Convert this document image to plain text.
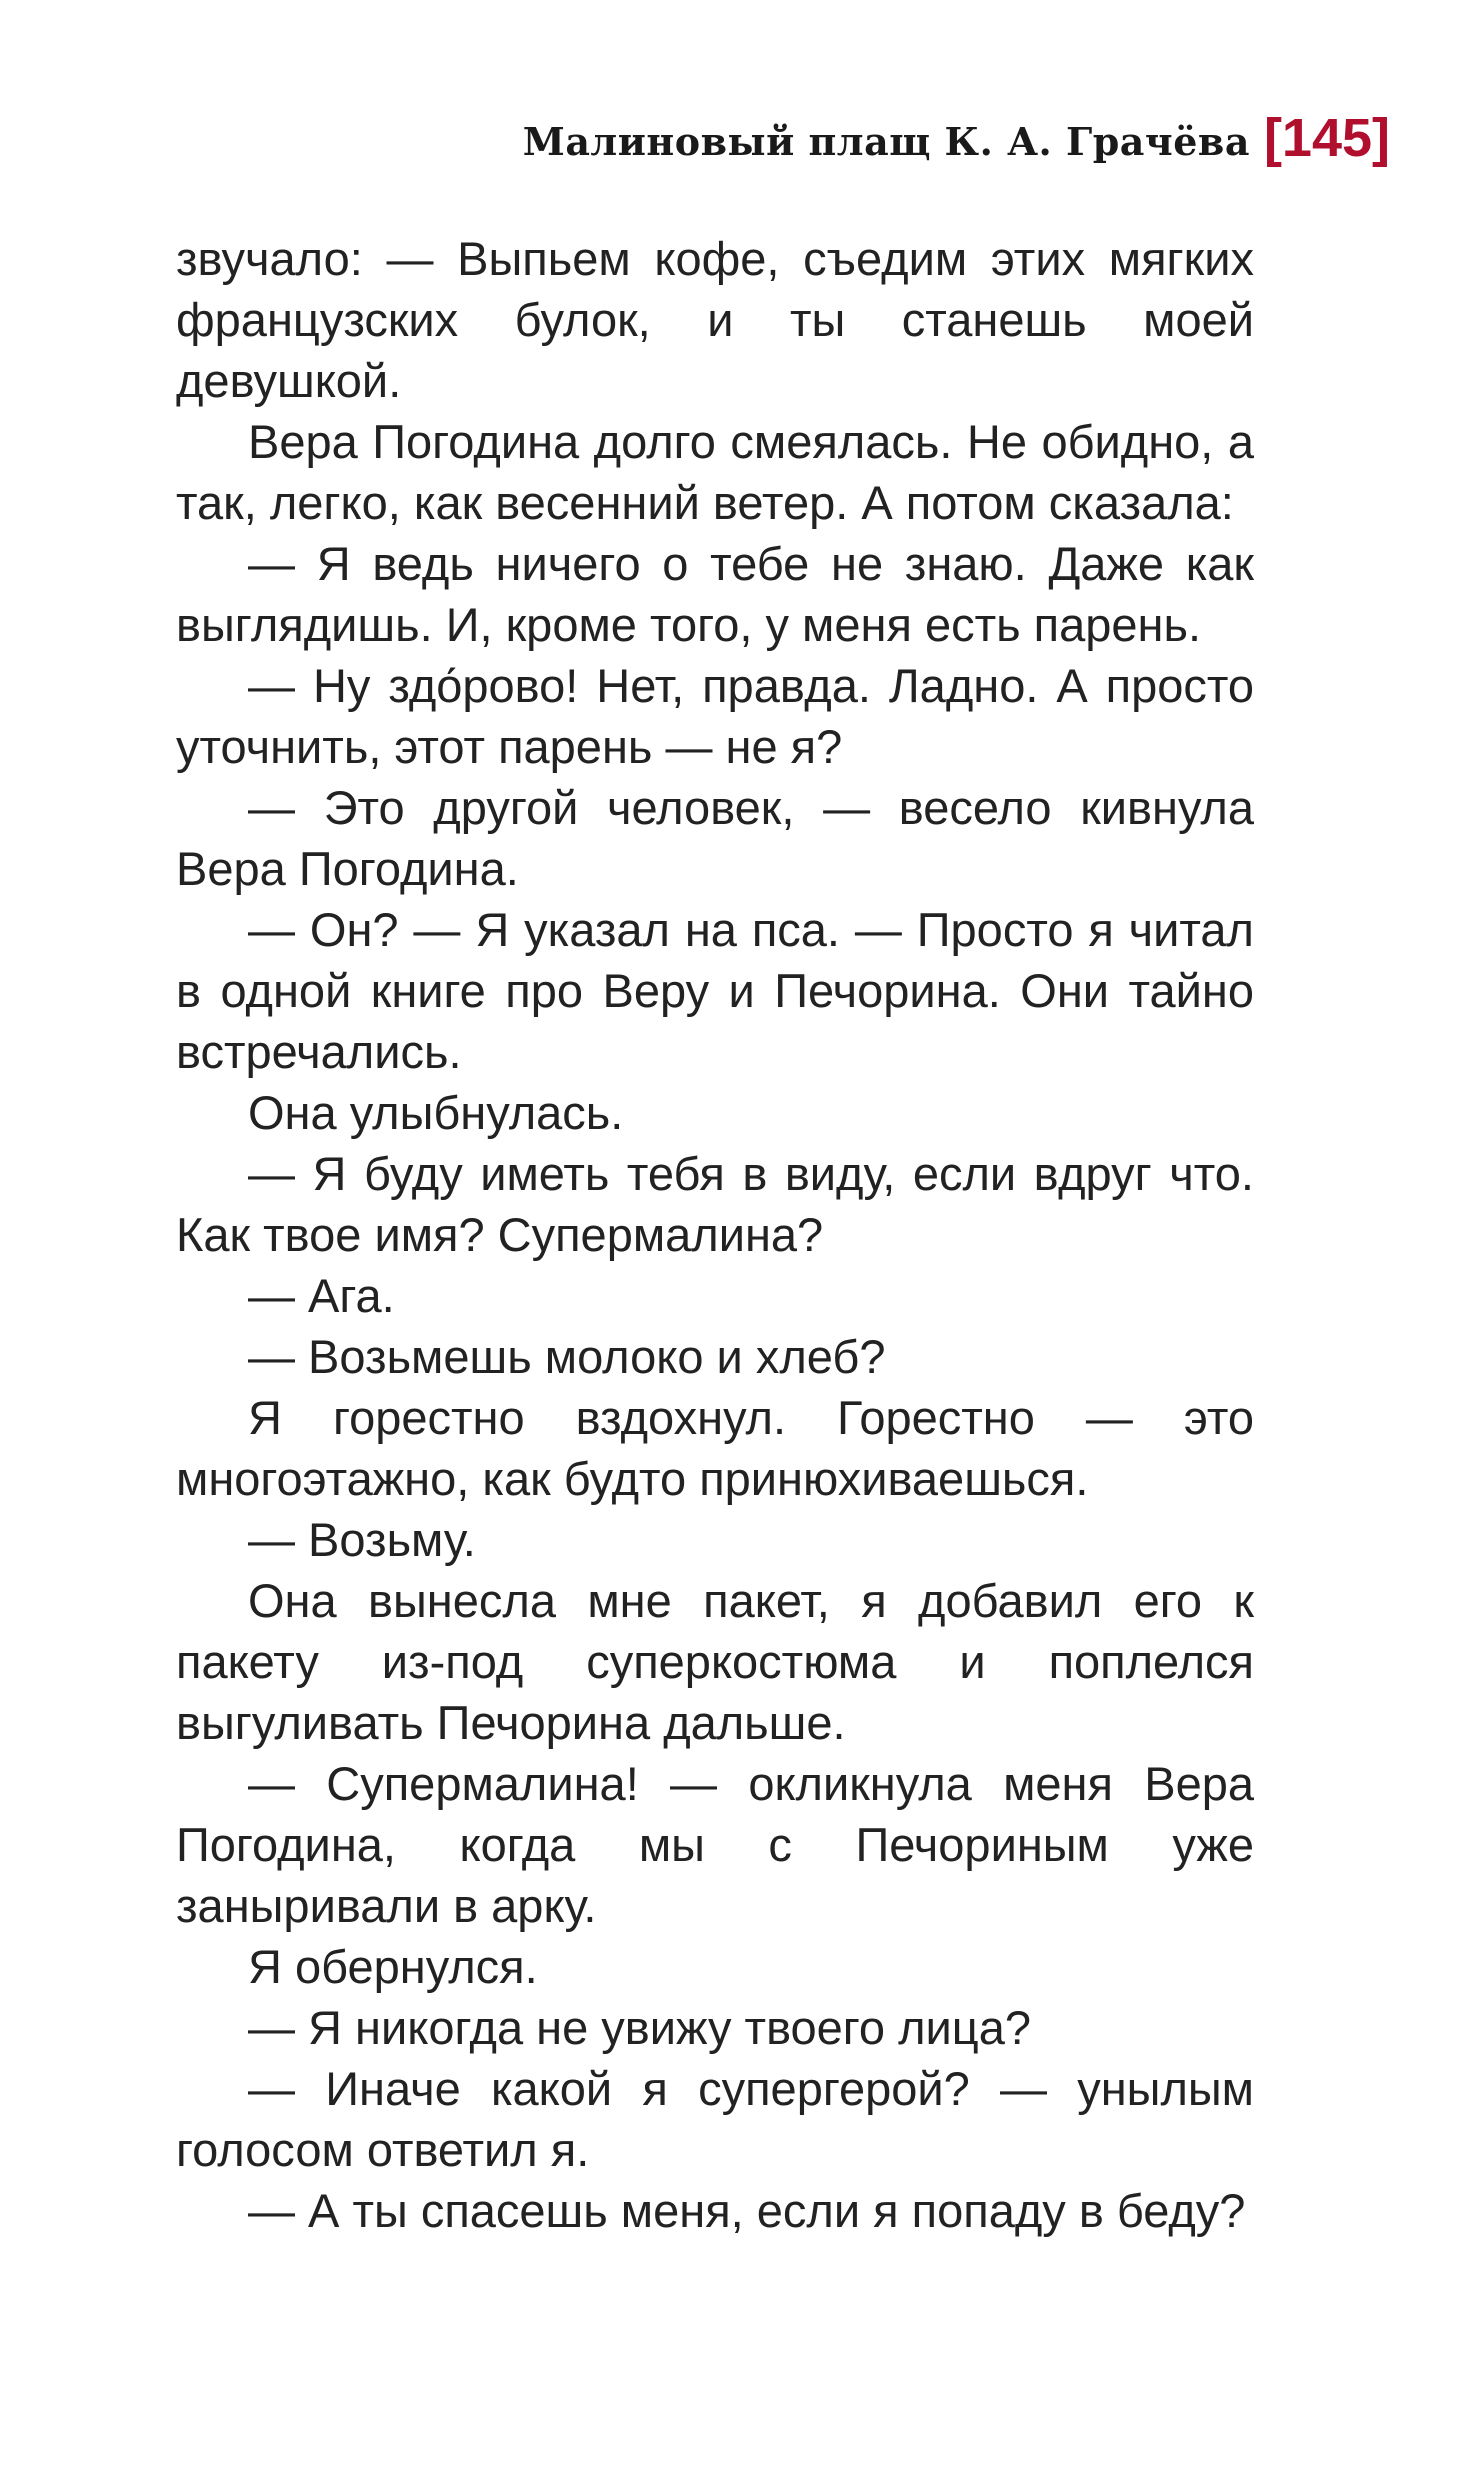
Малиновый плащ К. А. Грачёва [145]

звучало: — Выпьем кофе, съедим этих мягких французских булок, и ты станешь моей девушкой.

Вера Погодина долго смеялась. Не обидно, а так, легко, как весенний ветер. А потом сказала:

— Я ведь ничего о тебе не знаю. Даже как выглядишь. И, кроме того, у меня есть парень.

— Ну здо́рово! Нет, правда. Ладно. А просто уточнить, этот парень — не я?

— Это другой человек, — весело кивнула Вера Погодина.

— Он? — Я указал на пса. — Просто я читал в одной книге про Веру и Печорина. Они тайно встречались.

Она улыбнулась.

— Я буду иметь тебя в виду, если вдруг что. Как твое имя? Супермалина?

— Ага.

— Возьмешь молоко и хлеб?

Я горестно вздохнул. Горестно — это многоэтажно, как будто принюхиваешься.

— Возьму.

Она вынесла мне пакет, я добавил его к пакету из-под суперкостюма и поплелся выгуливать Печорина дальше.

— Супермалина! — окликнула меня Вера Погодина, когда мы с Печориным уже заныривали в арку.

Я обернулся.

— Я никогда не увижу твоего лица?

— Иначе какой я супергерой? — унылым голосом ответил я.

— А ты спасешь меня, если я попаду в беду?
